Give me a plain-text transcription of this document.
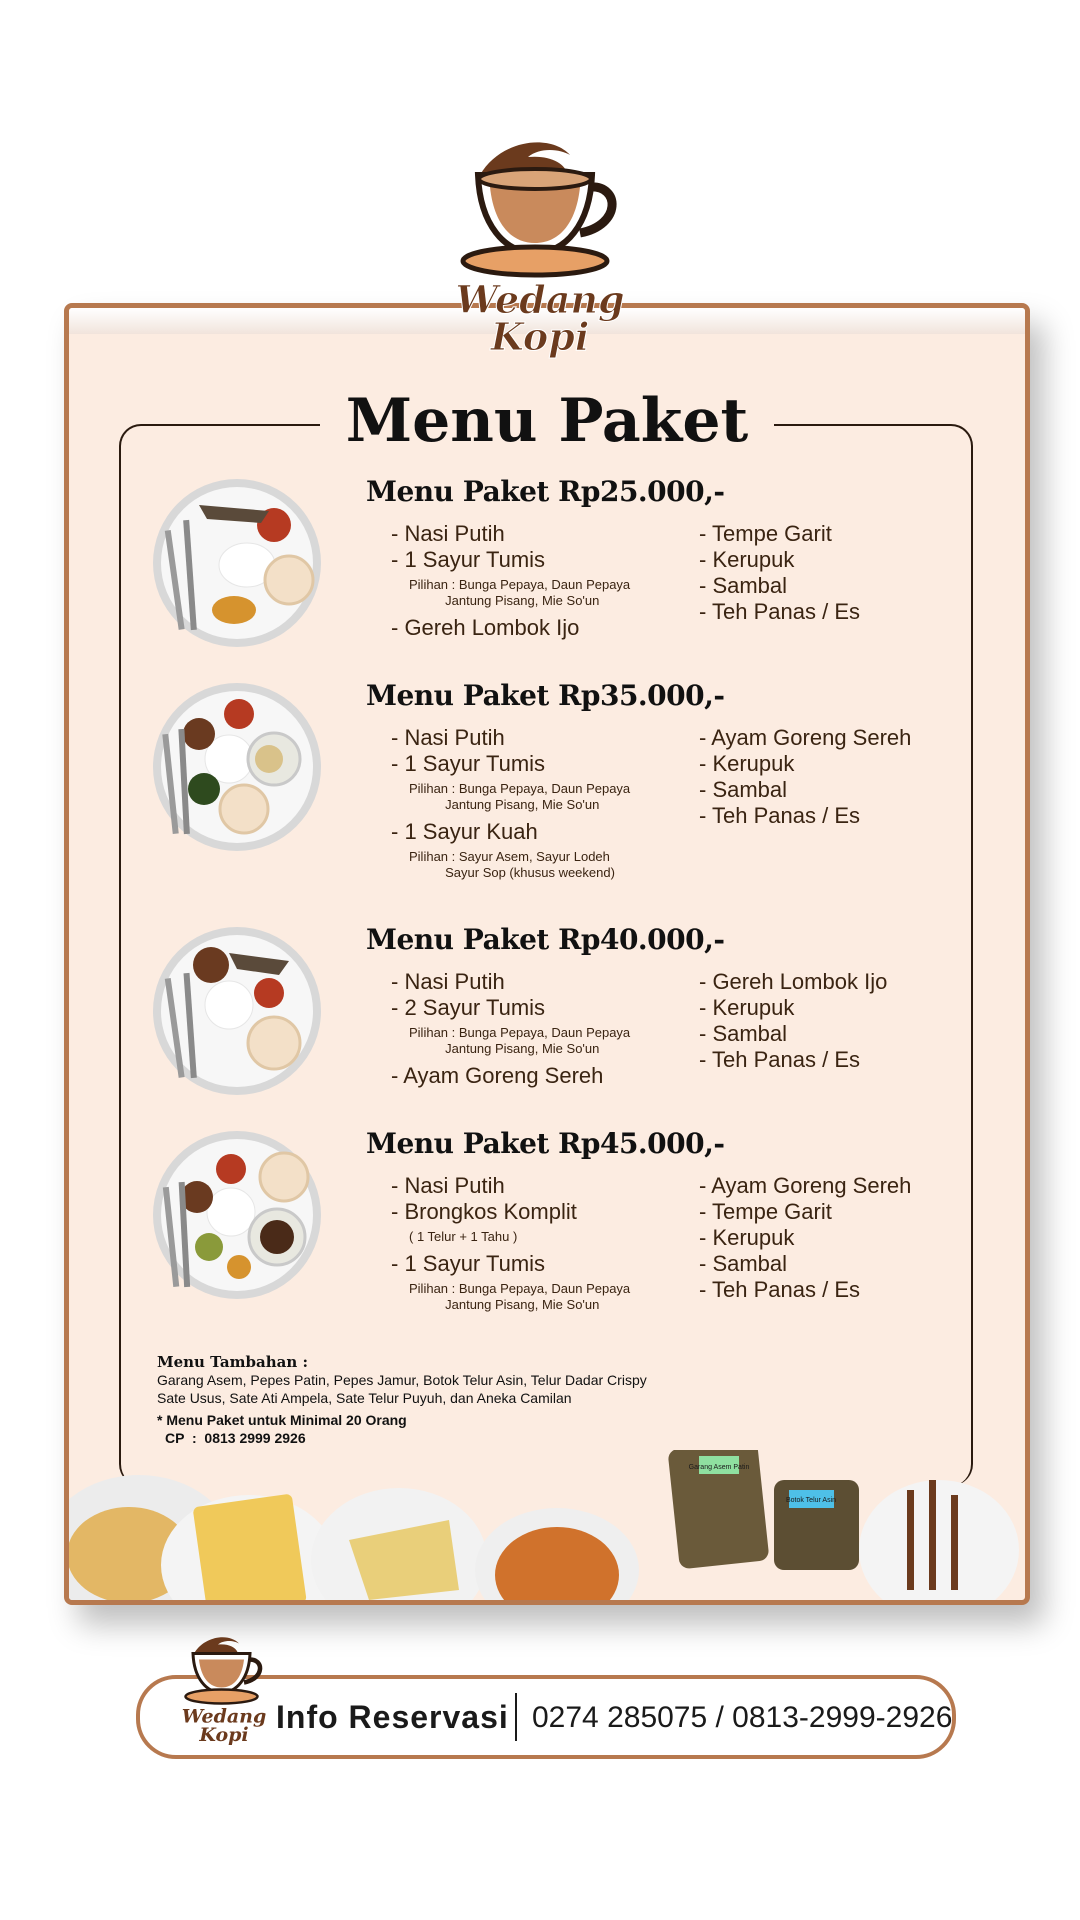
Wedang
Kopi
Menu Paket
Menu Paket Rp25.000,-
- Nasi Putih
- 1 Sayur Tumis
Pilihan : Bunga Pepaya, Daun Pepaya
Jantung Pisang, Mie So'un
- Gereh Lombok Ijo
- Tempe Garit
- Kerupuk
- Sambal
- Teh Panas / Es
Menu Paket Rp35.000,-
- Nasi Putih
- 1 Sayur Tumis
Pilihan : Bunga Pepaya, Daun Pepaya
Jantung Pisang, Mie So'un
- 1 Sayur Kuah
Pilihan : Sayur Asem, Sayur Lodeh
Sayur Sop (khusus weekend)
- Ayam Goreng Sereh
- Kerupuk
- Sambal
- Teh Panas / Es
Menu Paket Rp40.000,-
- Nasi Putih
- 2 Sayur Tumis
Pilihan : Bunga Pepaya, Daun Pepaya
Jantung Pisang, Mie So'un
- Ayam Goreng Sereh
- Gereh Lombok Ijo
- Kerupuk
- Sambal
- Teh Panas / Es
Menu Paket Rp45.000,-
- Nasi Putih
- Brongkos Komplit
( 1 Telur + 1 Tahu )
- 1 Sayur Tumis
Pilihan : Bunga Pepaya, Daun Pepaya
Jantung Pisang, Mie So'un
- Ayam Goreng Sereh
- Tempe Garit
- Kerupuk
- Sambal
- Teh Panas / Es
Menu Tambahan :
Garang Asem, Pepes Patin, Pepes Jamur, Botok Telur Asin, Telur Dadar Crispy
Sate Usus, Sate Ati Ampela, Sate Telur Puyuh, dan Aneka Camilan
* Menu Paket untuk Minimal 20 Orang
CP  :  0813 2999 2926
Garang Asem Patin
Botok Telur Asin
Wedang
Kopi Info Reservasi 0274 285075 / 0813-2999-2926
